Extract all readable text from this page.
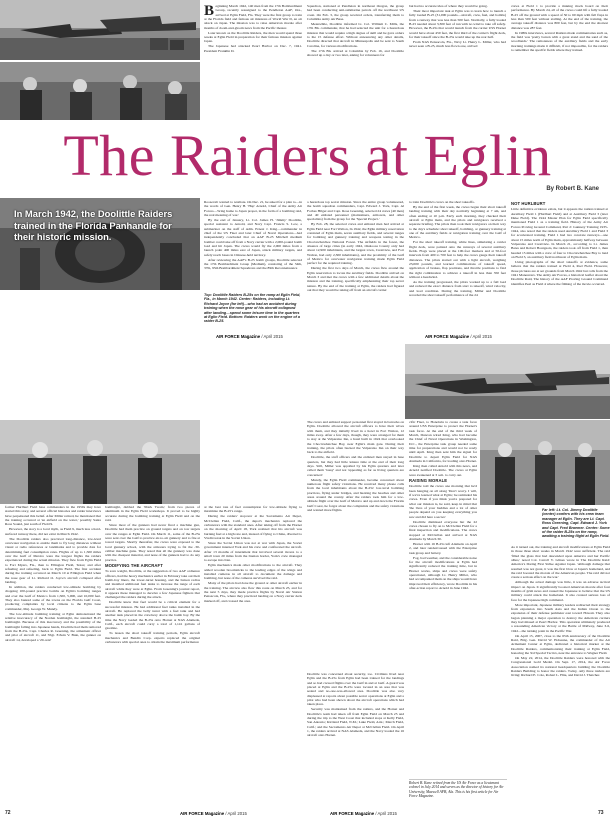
The Raiders at Eglin
By Robert B. Kane
In March 1942, the Doolittle Raiders trained in the Florida Panhandle for their historic mission.

Beginning March 1942, 140 men from the 17th Bombardment Group, recently reassigned to the Pendleton AAF, Ore., arrived at Eglin Field, Fla. They were the first group to train at the Florida field and famous air missions of World War II, an air attack on Japan. The mission was to raise American morale after months of doom-and-gloom news from the Pacific theater.

Later known as the Doolittle Raiders, the men would spend three weeks at Eglin Field in preparation for their famous mission against Japan.

The Japanese had attacked Pearl Harbor on Dec. 7, 1941. President Franklin D.

Squadron, stationed at Pendleton in northeast Oregon, the group had been conducting anti-submarine patrols off the northwest US coast. On Feb. 3, the group received orders, transferring them to Columbia Army Air Base.

Meanwhile, Doolittle informed Lt. Col. William C. Mills, the 17th BG commander, that he had selected the unit for a hazardous mission that would require a high degree of skill and he gave orders to the 15 defense effort. Without announcing any other details, Doolittle directed that aircraft in Minneapolis and be sent to South Carolina, for various modifications.

The 17th BG arrived at Columbia by Feb. 16, and Doolittle showed up a day or two later, asking for volunteers for

but had no accurate idea of where they would be going.

Their most important task at Eglin was to learn how to launch a fully loaded B-25 (31,000 pounds—aircraft, crew, fuel, and bombs) from a runway that was less than 500 feet. Normally, a fully loaded B-25 needed about 3,300 feet of run with no wind to take off safely. However, the B-25s that would launch from the carrier USS Hornet would have about 450 feet, the first third of the carrier's flight deck, for their takeoff since the B-25s would take up the rear half.

From NAS Pensacola, Fla., Navy Lt. Henry L. Miller, who had never seen a B-25, much less flown one, arrived

crews at Field 1 to provide a making mock board on their performance. By March 24, all of the crews could lift a fully loaded B-25 off the ground with a speed of 50 to 60 mph with full flaps in less than 500 feet without stalling. At the end of the training, the average takeoff distance was 800 feet, but by the end the shortest distance was 287 feet.

In 1980s interviews, several Raiders made commentaries such as, the field was 'pretty barren with a great stand and the sand of the woodlands.' The remoteness of the auxiliary fields and the early morning trainings made it difficult, if not impossible, for the raiders to remember the specific fields where they trained.

Top: Doolittle Raiders B-25s on the ramp at Eglin Field, Fla., in March 1942. Center: Raiders, including Lt. Richard Joyce (far left)—who had an accident during training when the nose gear of his aircraft collapsed after landing—spend some leisure time in the quarters at Eglin Field. Bottom: Raiders work on the engine of a raider B-25.

Roosevelt wanted to retaliate. On Dec. 21, he asked for a plan to—in the words of Gen. Henry H. 'Hap' Arnold, Chief of the Army Air Forces—'bring home to Japan proper, in the form of a bombing raid, the real meaning of war.'

By the end of January, Lt. Col. James H. 'Jimmy' Doolittle, special assistant to Arnold, and Navy Capt. Francis S. Low, a submariner on the staff of Adm. Ernest J. King—commander in chief of the US Fleet and later Chief of Naval Operations—had independently concluded that an AAF B-25 Mitchell medium bomber could take off from a Navy carrier with a 2,000-pound bomb load and hit Japan. The crews would fly the 2,000 miles from a launch point 400 miles east of Japan, attack military targets, and safely reach bases in Chinese-held territory.

After reviewing the AAF's B-25 bomb groups, Doolittle selected the 17th Bombardment Group (Medium), consisting of the 34th, 37th, 95th Bombardment Squadrons and the 89th Reconnaissance

a hazardous top secret mission. Since the entire group volunteered, the bomb squadron commanders, Capt. Edward J. York, Capt. Al Forbes Hilger and Capt. Rose Greening, selected 24 crews (40 men) and 40 enlisted personnel (maintainers, armorers, and other specialists) from the group for the 'Special Project.'

By Feb. 28, the selected crews and enlisted men had arrived at Eglin Field near Fort Walton, In 1942, the Eglin military reservation consisted of Eglin main, seven auxiliary fields, and several ranges for bombing and gunnery training and weapons testing in the Choctawhatchee National Forest. The airfields in the forest, the absence of large cities (in early 1942, Okaloosa County only had about 12,900 inhabitants, and the largest town, Crestview, and Fort Walton, had only 2,300 inhabitants), and the proximity of the Gulf of Mexico for overwater navigation training made Eglin Field perfect for the required training.

During the first two days of March, the crews flew around the Eglin reservation to locate the auxiliary fields. Doolittle arrived on March 3 and met the crews with a few additional details about the mission and the training, specifically emphasizing their top secret nature. By the end of the training at Eglin, the raiders had figured out that they would be taking off from an aircraft carrier

to train Doolittle's crews on the short takeoffs.

By the end of the first week, the crews began their short takeoff landing training with their day normally beginning at 7 am, and often ending at 10 p.m. Early each morning, they checked their aircraft at Eglin main, and the pilots and navigators received a separate briefing. The pilots then took their navigators on their way to the day's schedule: short takeoff, bombing, or gunnery training at one of the auxiliary fields or navigation training over the Gulf of Mexico.

For the short takeoff training, white lines, simulating a carrier flight deck, were painted onto the runways of several auxiliary fields. Flags were placed at the 100-foot markers and at 50-foot intervals from 400 to 700 feet to help the crews gauge their takeoff distances. The pilots started out with a light aircraft, weighing 23,000 pounds, and learned combinations of takeoff speed, application of brakes, flap positions, and throttle positions to find the right combination to achieve a takeoff in less than 350 feet without a headwind.

As the training progressed, the pilots worked up to a full load and reduced the exact distance from start to takeoff, wind velocity, and load condition. During the training, Miller and Doolittle recorded the short takeoff performance of the 24

NOT HURLBURT

Little definitive evidence exists, but it appears the raiders trained at Auxiliary Field 1 (Hurlburt Field) and at Auxiliary Field 3 (later Duke Field). The 1944 Master Plan for Eglin Field specifically mentioned Field 1 as a training field. History of the Army Air Forces Proving Ground Command, Part 2: Gunnery Training 1935-1944, also noted that the raiders used Auxiliary Field 1 and Field 3 for accelerated training. Field 1 had two concrete runways—one about 15 miles north of Eglin main, approximately halfway between Valparaiso and Crestview. In March 21, according to Lt. James Bates and Robert Bourgeois, the raiders took off from Field 1, then headed 15 miles with a crew of four to Choctawhatchee Bay to land on Field 3, an auxiliary field northwest of Eglin main.

Using photographs of the short takeoffs at evidence, some believe that the raiders trained at Field 4, Peel Field. However, those pictures are at set grounds from March 1942 but rolls from the 1941 Maneuvers. The Army Air Forces, a historical leaflet about the Doolittle Raid, The history of the AAF Proving Ground Command identifies Peel as Field 4 where the filming of the movie occurred.

AIR FORCE Magazine / April 2015	AIR FORCE Magazine / April 2015
Far left: Lt. Col. Jimmy Doolittle (center) confers with his crew team manager at Eglin. They are Lt. Capt. Ross Greening, Capt. Edward J. York and Capt. Fred Braemer. Center: Some of the raider B-25s on the ramp, awaiting a training flight at Eglin Field.

former Hurlburt Field base commanders in the 1950s may have started this story, and several official histories and raider interviews have perpetuated this belief. After Miller retired, he mentioned that the training occurred at 'an airfield on the water,' possibly Santa Rosa Sound, just south of Field 9.

However, the story is a local myth, as Field 9, much less a hard-surfaced runway there, did not exist in March 1942.

The Doolittle raiders also practiced long-distance, low-level overwater navigation to enable them to fly long distances without visual or radio references or landmarks and to provide data for determining fuel consumption rates. Flights of up to 1,500 miles over the Gulf of Mexico were the longest flights the raiders experienced during the actual mission. They flew from Eglin Field to Fort Myers, Fla., then to Ellington Field, Texas; and after refueling and refueling, back to Eglin Field. The first accident during the training occurred on March 10 at Ellington Field when the nose gear of Lt. Richard O. Joyce's aircraft collapsed after landing.

In addition, the raiders conducted low-altitude bombing by dropping 100-pound practice bombs on Eglin's bombing ranges and over the Gulf of Mexico from 1,500, 5,000, and 10,000 feet. They also buzzed some of the towns on the Florida Gulf Coast, producing complaints by local citizens to the Eglin base commander, Maj. George W. Mundy.

The low-altitude bombing training at Eglin demonstrated the relative inaccuracy of the Norden bombsight, the standard B-25 bombsight. Because of this inaccuracy and the possibility of the bombsight falling into Japanese hands, Doolittle had them removed from the B-25s. Capt. Charles R. Greening, the armament officer and pilot of aircraft 11, and SSgt. Edwin V. Bain, the gunner on aircraft 14, developed a '20-cent'

bombsight, dubbed the 'Mark Twain,' from two pieces of aluminum in the Eglin Field workshops. It proved to be highly accurate during the bombing training at Eglin Field and on the raid.

Since most of the gunners had never fired a machine gun, Doolittle had them practice on ground targets and on tow targets over the ranges at Eglin Field. On March 11, some of the B-25s were sent over the Gulf to practice air-to-air gunnery and to fire at towed targets. Shortly thereafter, the crews were exposed to the local gunnery school, with the armorers trying to fix the .30-caliber machine guns. They noted that all the gunnery was done with the cheapest material, and none of the gunners had to do any practice.

MODIFYING THE AIRCRAFT

To save weight, Doolittle, at the suggestion of two AAF ordnance officers, had the heavy mechanics earlier in February take out their bomb-bay liners, the lower-turret housing, and the liaison radios and installed additional fuel tanks to increase the range of each aircraft while they were at Eglin. From Greening's journal report, it appears these managed to deceive a few Japanese fighters that challenged the raiders during the attack.

Doolittle knew that fuel would be a critical element for a successful mission. He had additional fuel tanks installed in the aircraft. He replaced the belly turret with a fuel tank and had another tank placed in the crawlway above the bomb bay. By the time the Navy loaded the B-25s onto Hornet at NAS Alameda, Calif., each aircraft could carry a total of 1,141 gallons of gasoline.

To lessen the short takeoff training periods, Eglin aircraft mechanics and Bendix Corp. experts replaced the original carburetors with special ones to obtain the maximum performance

at the best rate of fuel consumption for low-altitude flying to maximize the B-25's range.

During the raiders' stopover at the Sacramento Air Depot, McClellan Field, Calif., the depot's mechanics replaced the carburetors with the standard ones. After taking off from the Hornet on the morning of April 18, York realized that his aircraft was burning fuel at a high rate and, instead of flying to China, diverted to Vladivostok in the Soviet Union.

Since the Soviet Union was not at war with Japan, the Soviet government interned York and his crew and confiscated the aircraft. After 13 months of internment that involved several moves to a small town 20 miles from the Iranian border, York's crew managed to escape into Iran.

Eglin mechanics made other modifications to the aircraft. They added wooden broomsticks to the leading edges of the wings and installed cameras in all aircraft to document the damage and bombing, but none of the cameras survived the raid.

Many of the pilots had done the ground or other aircraft earlier in the training. The aircrew also flew this route on March 25, and for the next 5 days, they made practice flights by Naval Air Station Pensacola, Fla., where they practiced landing on a Navy carrier deck marked off, and crossed the area.

The crews and enlisted support personnel first stayed in barracks on Eglin. Doolittle allowed the aircraft officers to have their wives with them, and they initially lived in a hotel in Fort Walton, 12 miles away. After a few days, though, they were arranged for them to stay at the Valparaiso Inn, a hotel built in 1924 that overlooked the Choctawhatchee Bay, near Eglin's main gate. During their training, the pilots often buzzed the Valparaiso Inn on their way back to the airfield.

Doolittle, the staff officers and the enlisted men stayed in base quarters, but they had little leisure time at the end of their long days. Still, Miller was appalled by his Eglin quarters and later called them 'lousy' and not 'appealing as far as living quarters are concerned.'

Mundy, the Eglin Field commander, became concerned about numerous flight safety violations. He received many phone calls from the local inhabitants about the B-25s' low-level bombing practices, flying under bridges, and buzzing the beaches and other areas around the county. After the raiders took him for a low-altitude flight over the Gulf of Mexico and up and down the Florida Gulf Coast, he forgot about the complaints and the safety violations and wanted more flights.

Doolittle was concerned about security, too. Civilians lived near Eglin and the B-25s from Eglin had been trained for the landings and so had crewed flights over the Gulf in and at Gulf. A guard was placed at Eglin and the B-25s were located in an area that was sealed and no-one-was-allowed area. Doolittle was also very displeased at reports about possible secret operations at Eglin and a pilot who had been shown about the aircraft operations which had taken place.

Security was maintained from the raiders, and the Hornet and Doolittle's team had taken off from Eglin Field on March 25 and during the trip to the West Coast that included stops at Kelly Field, San Antonio; Kirtland Field, N.M.; Luke Field, Ariz.; March Field, Calif.; and the Sacramento Air Depot at McClellan Field. On April 1, the raiders arrived at NAS Alameda, and the Navy loaded the 16 aircraft onto Hornet.

cific Fleet, to Honolulu to create a task force around USS Enterprise to protect the Hornet's task force. At the end of the third week of March, Duncan wired King, who had become the Chief of Naval Operations in Washington, D.C., the Enterprise task group needed some time for preparations and would not be ready until April. King then sent him the signal for Doolittle to depart Eglin Field for NAS Alameda in California, for loading onto Hornet.

King then called Arnold with this news, and Arnold notified Doolittle. The crews at Eglin were awakened at 3 a.m. to carry out.

RAISING MORALE

Doolittle told the crews one morning that he'd been hanging on all along 'Don't worry. I will, if we've learned what at Eglin,' he reminded his crews. Even if you think you're prepared for what our mission is, he said, keep in mind that 'the lives of your buddies and a lot of other people depend on you keeping everything you saw and did here a secret.'

Doolittle dismissed everyone but the 22 crews chosen to fly on to McClellan Field for a final inspection and modifications. The crews stopped at McClellan and arrived at NAS Alameda by March 30.

Hornet with 16 B-25s left Alameda on April 2, and later rendezvoused with the Enterprise task group and battery.

Fog, bad weather, and the considerable noise for the aircraft modifications at Eglin had significantly reduced the training time, but in Hornet works, ships and crews were safely operational, although Lt. Henry Miller, who had accompanied them on the ships would have improved their efficiency, wrote Doolittle in his after-action report to Arnold in June 1942.

As it turned out, the training and aircraft modifications at Eglin Field in those three short weeks in March 1942 were sufficient. The raid 'filled the glass that had descended upon America and her Pacific allies,' noted Col. Carroll V. Glines wrote in The Doolittle Raid: America's Daring First Strike Against Japan. 'Although damage that resulted was not great, it was the first blow at Japan's homeland, and the raid boosted the morale of the American people. The raid did not create a serious effect on the war.'

Although the actual damage was little, it was an adverse tactical impact on Japan. It significantly boosted American morale after four months of grim news and caused the Japanese to believe that the US military could attack the homeland. It also created serious loss of face for the Japanese high command.

More important, Japanese military leaders redirected their strategy from expansion into South Asia and the Indian Ocean to the expansion of their defense perimeter east toward Hawaii. They also began planning a major operation to destroy the American carriers they had missed at Pearl Harbor. This operation ultimately produced a resounding American victory at the Battle of Midway, June 3-6, 1942—the turning point in the Pacific War.

On April 15, 2007, close to the 65th anniversary of the Doolittle Raid, Brig. Gen. David W. Eidsaune, the commander of the Air Armament Center at Eglin, dedicated a historical marker at the Doolittle Raiders, commemorating their training at Eglin Field, honoring the 3rd Special Tactics, near the entrance to Wagner Field.

On May 22, 2014, the Doolittle Raiders were honored with the Congressional Gold Medal. On Sept. 17, 2014, the Air Force Association named its national headquarters building the Doolittle Raiders Building to honor the raiders. Today, only three raiders are living: Richard E. Cole, Robert L. Hite, and David J. Thatcher.

Robert B. Kane retired from the US Air Force as a lieutenant colonel in July 2014 and serves as the director of history for Air University, Maxwell AFB, Ala. This is his first article for Air Force Magazine.
72	AIR FORCE Magazine / April 2015	AIR FORCE Magazine / April 2015	73
